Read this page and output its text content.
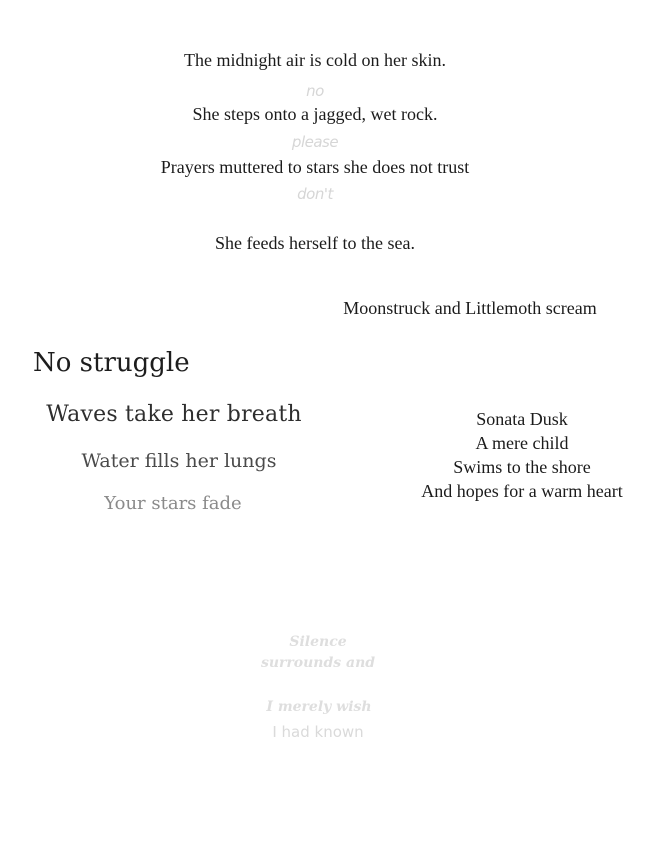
The midnight air is cold on her skin.
no
She steps onto a jagged, wet rock.
please
Prayers muttered to stars she does not trust
don't
She feeds herself to the sea.
Moonstruck and Littlemoth scream
No struggle
Waves take her breath
Water fills her lungs
Your stars fade
Sonata Dusk
A mere child
Swims to the shore
And hopes for a warm heart
Silence
surrounds and
I merely wish
I had known
